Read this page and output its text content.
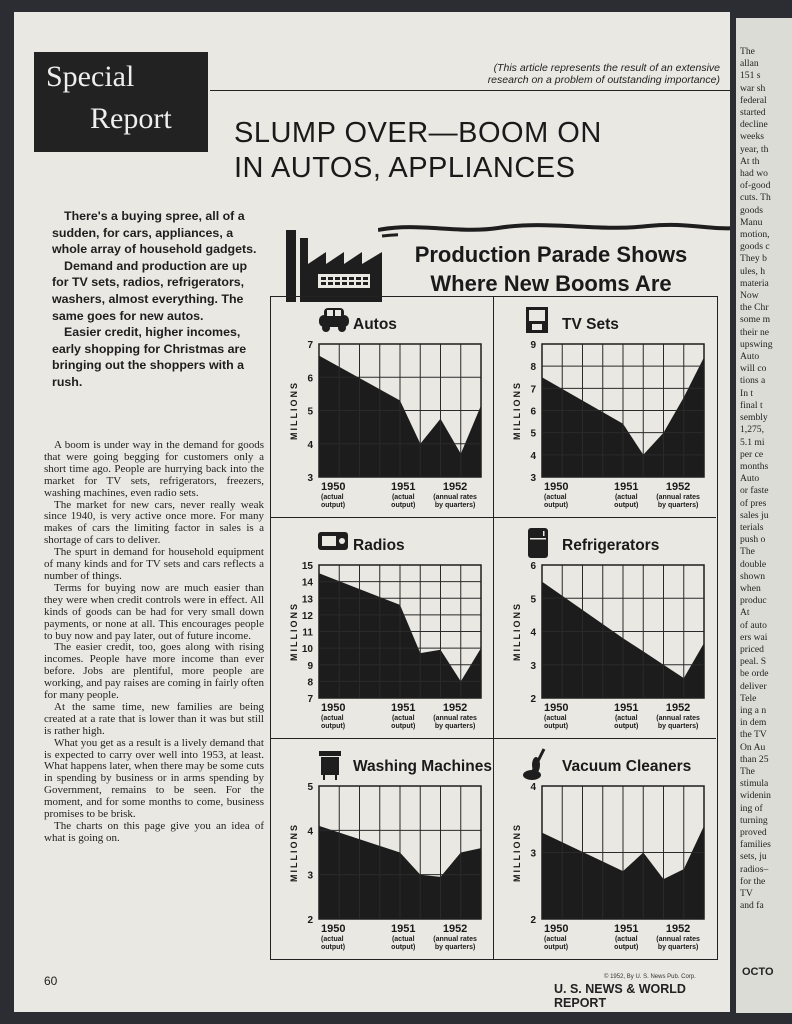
Special
Report
(This article represents the result of an extensive
research on a problem of outstanding importance)
SLUMP OVER—BOOM ON
IN AUTOS, APPLIANCES

There's a buying spree, all of a sudden, for cars, appliances, a whole array of household gadgets.

Demand and production are up for TV sets, radios, refrigerators, washers, almost everything. The same goes for new autos.

Easier credit, higher incomes, early shopping for Christmas are bringing out the shoppers with a rush.

A boom is under way in the demand for goods that were going begging for customers only a short time ago. People are hurrying back into the market for TV sets, refrigerators, freezers, washing machines, even radio sets.

The market for new cars, never really weak since 1940, is very active once more. For many makes of cars the limiting factor in sales is a shortage of cars to deliver.

The spurt in demand for household equipment of many kinds and for TV sets and cars reflects a number of things.

Terms for buying now are much easier than they were when credit controls were in effect. All kinds of goods can be had for very small down payments, or none at all. This encourages people to buy now and pay later, out of future income.

The easier credit, too, goes along with rising incomes. People have more income than ever before. Jobs are plentiful, more people are working, and pay raises are coming in fairly often for many people.

At the same time, new families are being created at a rate that is lower than it was but still is rather high.

What you get as a result is a lively demand that is expected to carry over well into 1953, at least. What happens later, when there may be some cuts in spending by business or in arms spending by Government, remains to be seen. For the moment, and for some months to come, business promises to be brisk.

The charts on this page give you an idea of what is going on.

60	© 1952, By U. S. News Pub. Corp.
U. S. NEWS & WORLD REPORT
Production Parade Shows
Where New Booms Are
Autos
3
4
5
6
7
MILLIONS
1950
(actual
output)
1951
(actual
output)
1952
(annual rates
by quarters)
TV Sets
3
4
5
6
7
8
9
MILLIONS
1950
(actual
output)
1951
(actual
output)
1952
(annual rates
by quarters)
Radios
7
8
9
10
11
12
13
14
15
MILLIONS
1950
(actual
output)
1951
(actual
output)
1952
(annual rates
by quarters)
Refrigerators
2
3
4
5
6
MILLIONS
1950
(actual
output)
1951
(actual
output)
1952
(annual rates
by quarters)
Washing Machines
2
3
4
5
MILLIONS
1950
(actual
output)
1951
(actual
output)
1952
(annual rates
by quarters)
Vacuum Cleaners
2
3
4
MILLIONS
1950
(actual
output)
1951
(actual
output)
1952
(annual rates
by quarters)
The
allan
151 s
war sh
federal
started
decline
weeks
year, th
At th
had wo
of-good
cuts. Th
goods
Manu
motion,
goods c
They b
ules, h
materia
Now
the Chr
some m
their ne
upswing
Auto
will co
tions a
In t
final t
sembly
1,275,
5.1 mi
per ce
months
Auto
or faste
of pres
sales ju
terials
push o
The
double
shown
when
produc
At
of auto
ers wai
priced
peal. S
be orde
deliver
Tele
ing a n
in dem
the TV
On Au
than 25
The
stimula
widenin
ing of
turning
proved
families
sets, ju
radios–
for the
TV
and fa
OCTO
